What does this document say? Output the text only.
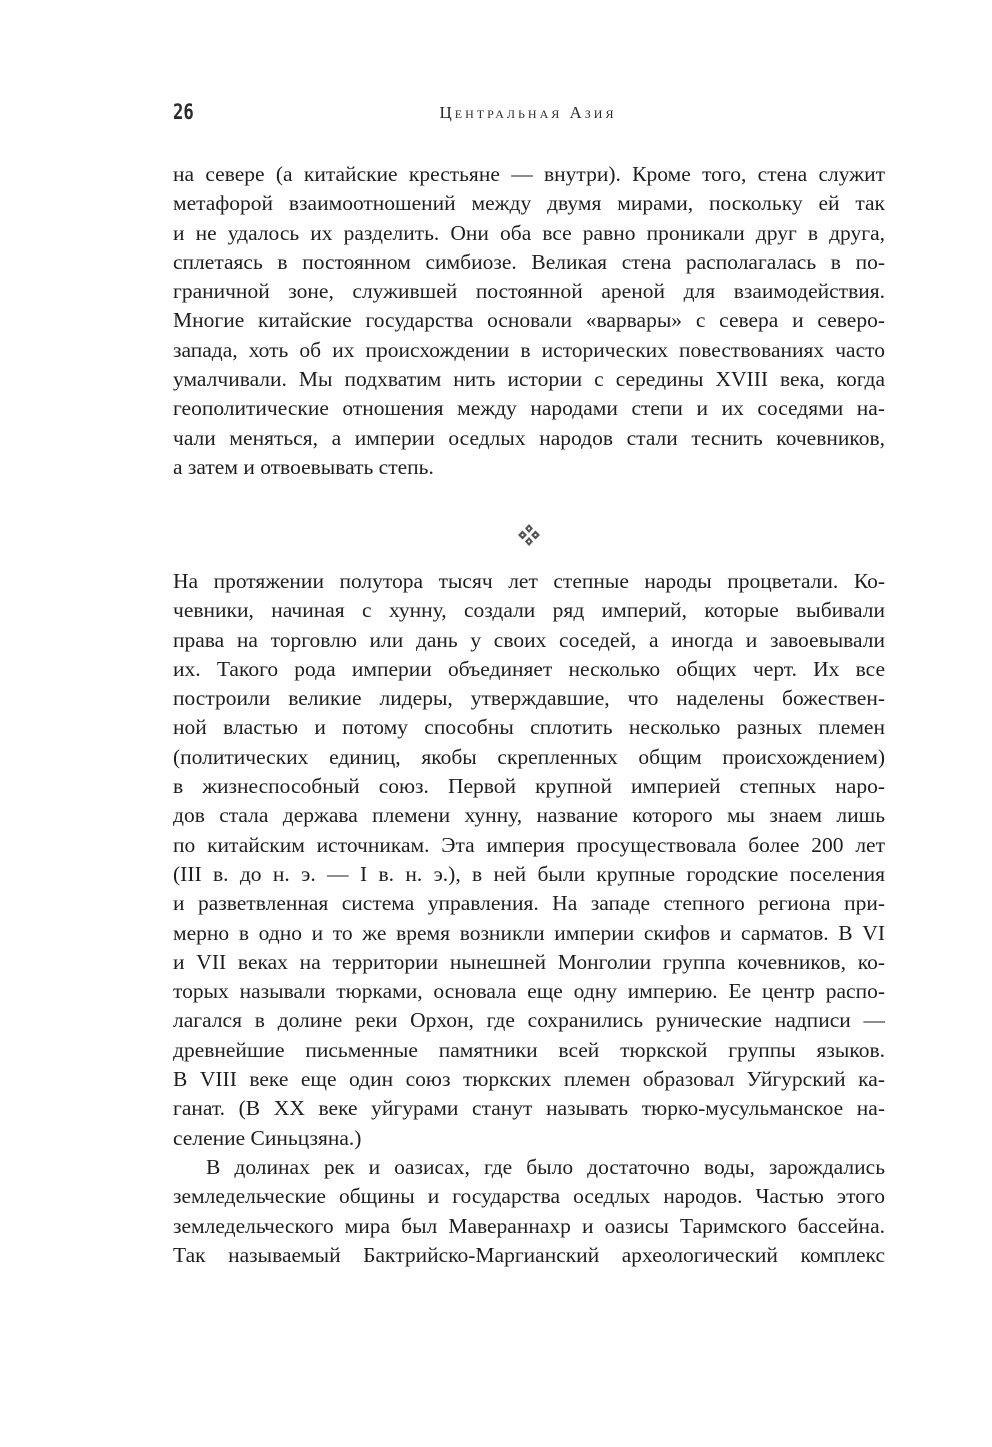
26	Центральная Азия
на севере (а китайские крестьяне — внутри). Кроме того, стена служит
метафорой взаимоотношений между двумя мирами, поскольку ей так
и не удалось их разделить. Они оба все равно проникали друг в друга,
сплетаясь в постоянном симбиозе. Великая стена располагалась в по-
граничной зоне, служившей постоянной ареной для взаимодействия.
Многие китайские государства основали «варвары» с севера и северо-
запада, хоть об их происхождении в исторических повествованиях часто
умалчивали. Мы подхватим нить истории с середины XVIII века, когда
геополитические отношения между народами степи и их соседями на-
чали меняться, а империи оседлых народов стали теснить кочевников,
а затем и отвоевывать степь.
На протяжении полутора тысяч лет степные народы процветали. Ко-
чевники, начиная с хунну, создали ряд империй, которые выбивали
права на торговлю или дань у своих соседей, а иногда и завоевывали
их. Такого рода империи объединяет несколько общих черт. Их все
построили великие лидеры, утверждавшие, что наделены божествен-
ной властью и потому способны сплотить несколько разных племен
(политических единиц, якобы скрепленных общим происхождением)
в жизнеспособный союз. Первой крупной империей степных наро-
дов стала держава племени хунну, название которого мы знаем лишь
по китайским источникам. Эта империя просуществовала более 200 лет
(III в. до н. э. — I в. н. э.), в ней были крупные городские поселения
и разветвленная система управления. На западе степного региона при-
мерно в одно и то же время возникли империи скифов и сарматов. В VI
и VII веках на территории нынешней Монголии группа кочевников, ко-
торых называли тюрками, основала еще одну империю. Ее центр распо-
лагался в долине реки Орхон, где сохранились рунические надписи —
древнейшие письменные памятники всей тюркской группы языков.
В VIII веке еще один союз тюркских племен образовал Уйгурский ка-
ганат. (В XX веке уйгурами станут называть тюрко-мусульманское на-
селение Синьцзяна.)
В долинах рек и оазисах, где было достаточно воды, зарождались
земледельческие общины и государства оседлых народов. Частью этого
земледельческого мира был Мавераннахр и оазисы Таримского бассейна.
Так называемый Бактрийско-Маргианский археологический комплекс
